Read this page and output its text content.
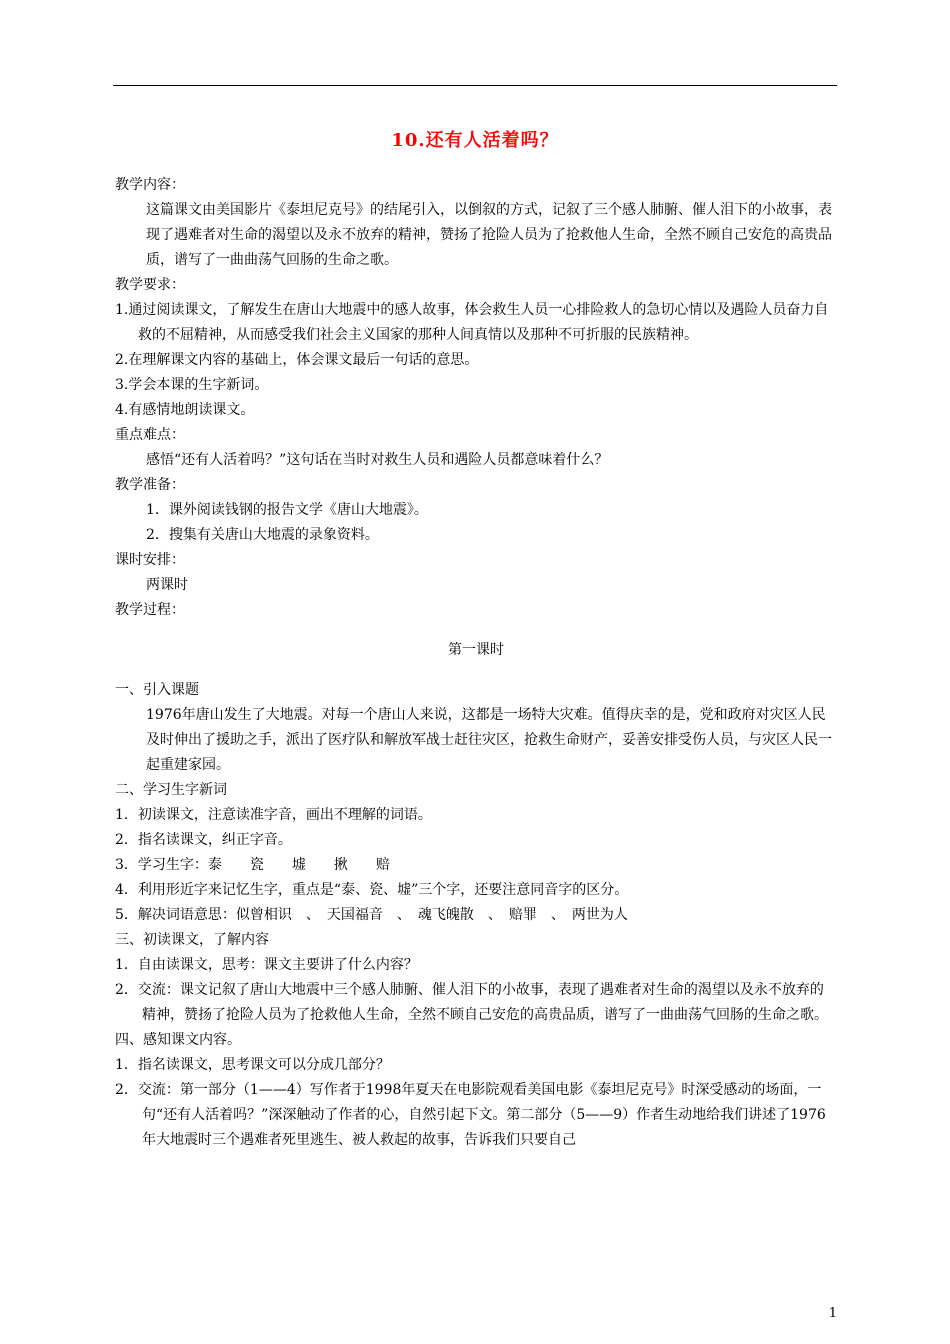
10.还有人活着吗？

教学内容：

这篇课文由美国影片《泰坦尼克号》的结尾引入，以倒叙的方式，记叙了三个感人肺腑、催人泪下的小故事，表现了遇难者对生命的渴望以及永不放弃的精神，赞扬了抢险人员为了抢救他人生命，全然不顾自己安危的高贵品质，谱写了一曲曲荡气回肠的生命之歌。

教学要求：

1.通过阅读课文，了解发生在唐山大地震中的感人故事，体会救生人员一心排险救人的急切心情以及遇险人员奋力自救的不屈精神，从而感受我们社会主义国家的那种人间真情以及那种不可折服的民族精神。

2.在理解课文内容的基础上，体会课文最后一句话的意思。

3.学会本课的生字新词。

4.有感情地朗读课文。

重点难点：

感悟“还有人活着吗？”这句话在当时对救生人员和遇险人员都意味着什么？

教学准备：

1．课外阅读钱钢的报告文学《唐山大地震》。

2．搜集有关唐山大地震的录象资料。

课时安排：

两课时

教学过程：

第一课时

一、引入课题

1976年唐山发生了大地震。对每一个唐山人来说，这都是一场特大灾难。值得庆幸的是，党和政府对灾区人民及时伸出了援助之手，派出了医疗队和解放军战士赶往灾区，抢救生命财产，妥善安排受伤人员，与灾区人民一起重建家园。

二、学习生字新词

1．初读课文，注意读准字音，画出不理解的词语。

2．指名读课文，纠正字音。

3．学习生字：泰　　瓷　　墟　　揪　　赔

4．利用形近字来记忆生字，重点是“泰、瓷、墟”三个字，还要注意同音字的区分。

5．解决词语意思：似曾相识　、　天国福音　、　魂飞魄散　、　赔罪　、　两世为人

三、初读课文，了解内容

1．自由读课文，思考：课文主要讲了什么内容？

2．交流：课文记叙了唐山大地震中三个感人肺腑、催人泪下的小故事，表现了遇难者对生命的渴望以及永不放弃的精神，赞扬了抢险人员为了抢救他人生命，全然不顾自己安危的高贵品质，谱写了一曲曲荡气回肠的生命之歌。

四、感知课文内容。

1．指名读课文，思考课文可以分成几部分？

2．交流：第一部分（1——4）写作者于1998年夏天在电影院观看美国电影《泰坦尼克号》时深受感动的场面，一句“还有人活着吗？”深深触动了作者的心，自然引起下文。第二部分（5——9）作者生动地给我们讲述了1976年大地震时三个遇难者死里逃生、被人救起的故事，告诉我们只要自己

1
